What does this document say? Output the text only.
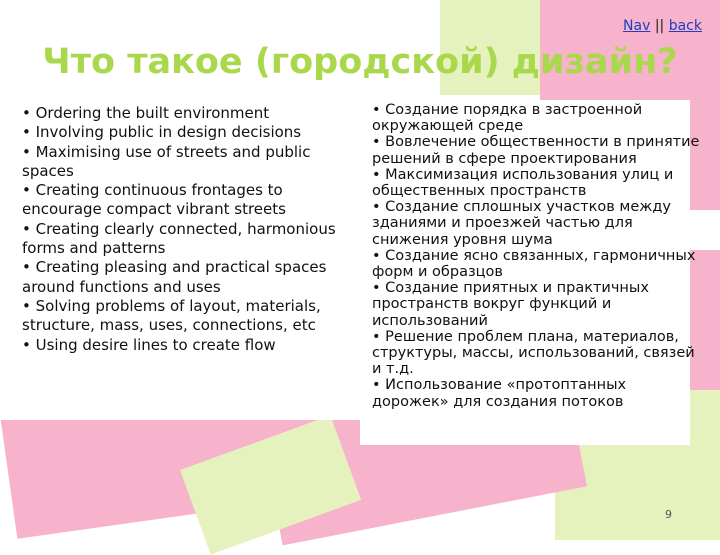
Nav || back
Что такое (городской) дизайн?
• Ordering the built environment
• Involving public in design decisions
• Maximising use of streets and public spaces
• Creating continuous frontages to encourage compact vibrant streets
• Creating clearly connected, harmonious forms and patterns
• Creating pleasing and practical spaces around functions and uses
• Solving problems of layout, materials, structure, mass, uses, connections, etc
• Using desire lines to create flow
• Создание порядка в застроенной окружающей среде
• Вовлечение общественности в принятие решений в сфере проектирования
• Максимизация использования улиц и общественных пространств
• Создание сплошных участков между зданиями и проезжей частью для снижения уровня шума
• Создание ясно связанных, гармоничных форм и образцов
• Создание приятных и практичных пространств вокруг функций и использований
• Решение проблем плана, материалов, структуры, массы, использований, связей и т.д.
• Использование «протоптанных дорожек» для создания потоков
9
